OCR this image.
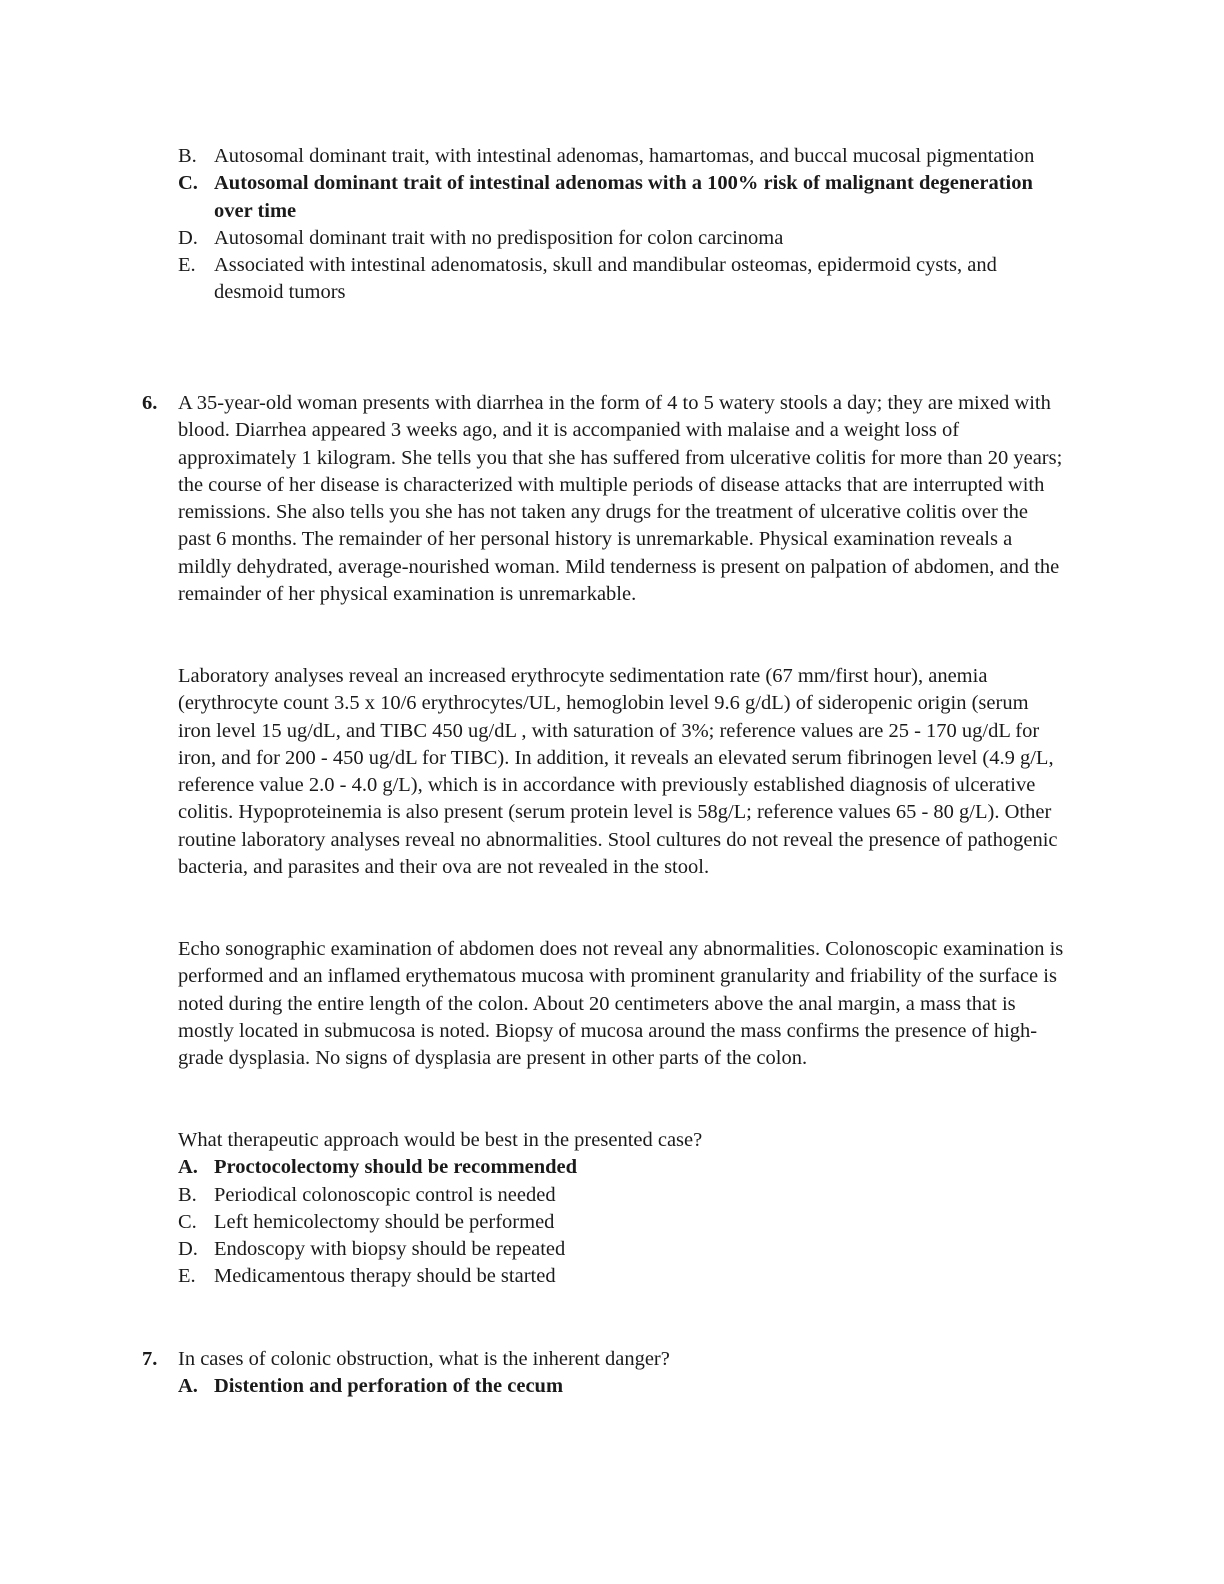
B. Autosomal dominant trait, with intestinal adenomas, hamartomas, and buccal mucosal pigmentation
C. Autosomal dominant trait of intestinal adenomas with a 100% risk of malignant degeneration over time
D. Autosomal dominant trait with no predisposition for colon carcinoma
E. Associated with intestinal adenomatosis, skull and mandibular osteomas, epidermoid cysts, and desmoid tumors
6. A 35-year-old woman presents with diarrhea in the form of 4 to 5 watery stools a day; they are mixed with blood. Diarrhea appeared 3 weeks ago, and it is accompanied with malaise and a weight loss of approximately 1 kilogram. She tells you that she has suffered from ulcerative colitis for more than 20 years; the course of her disease is characterized with multiple periods of disease attacks that are interrupted with remissions. She also tells you she has not taken any drugs for the treatment of ulcerative colitis over the past 6 months. The remainder of her personal history is unremarkable. Physical examination reveals a mildly dehydrated, average-nourished woman. Mild tenderness is present on palpation of abdomen, and the remainder of her physical examination is unremarkable.

Laboratory analyses reveal an increased erythrocyte sedimentation rate (67 mm/first hour), anemia (erythrocyte count 3.5 x 10/6 erythrocytes/UL, hemoglobin level 9.6 g/dL) of sideropenic origin (serum iron level 15 ug/dL, and TIBC 450 ug/dL , with saturation of 3%; reference values are 25 - 170 ug/dL for iron, and for 200 - 450 ug/dL for TIBC). In addition, it reveals an elevated serum fibrinogen level (4.9 g/L, reference value 2.0 - 4.0 g/L), which is in accordance with previously established diagnosis of ulcerative colitis. Hypoproteinemia is also present (serum protein level is 58g/L; reference values 65 - 80 g/L). Other routine laboratory analyses reveal no abnormalities. Stool cultures do not reveal the presence of pathogenic bacteria, and parasites and their ova are not revealed in the stool.

Echo sonographic examination of abdomen does not reveal any abnormalities. Colonoscopic examination is performed and an inflamed erythematous mucosa with prominent granularity and friability of the surface is noted during the entire length of the colon. About 20 centimeters above the anal margin, a mass that is mostly located in submucosa is noted. Biopsy of mucosa around the mass confirms the presence of high-grade dysplasia. No signs of dysplasia are present in other parts of the colon.

What therapeutic approach would be best in the presented case?

A. Proctocolectomy should be recommended
B. Periodical colonoscopic control is needed
C. Left hemicolectomy should be performed
D. Endoscopy with biopsy should be repeated
E. Medicamentous therapy should be started
7. In cases of colonic obstruction, what is the inherent danger?

A. Distention and perforation of the cecum
